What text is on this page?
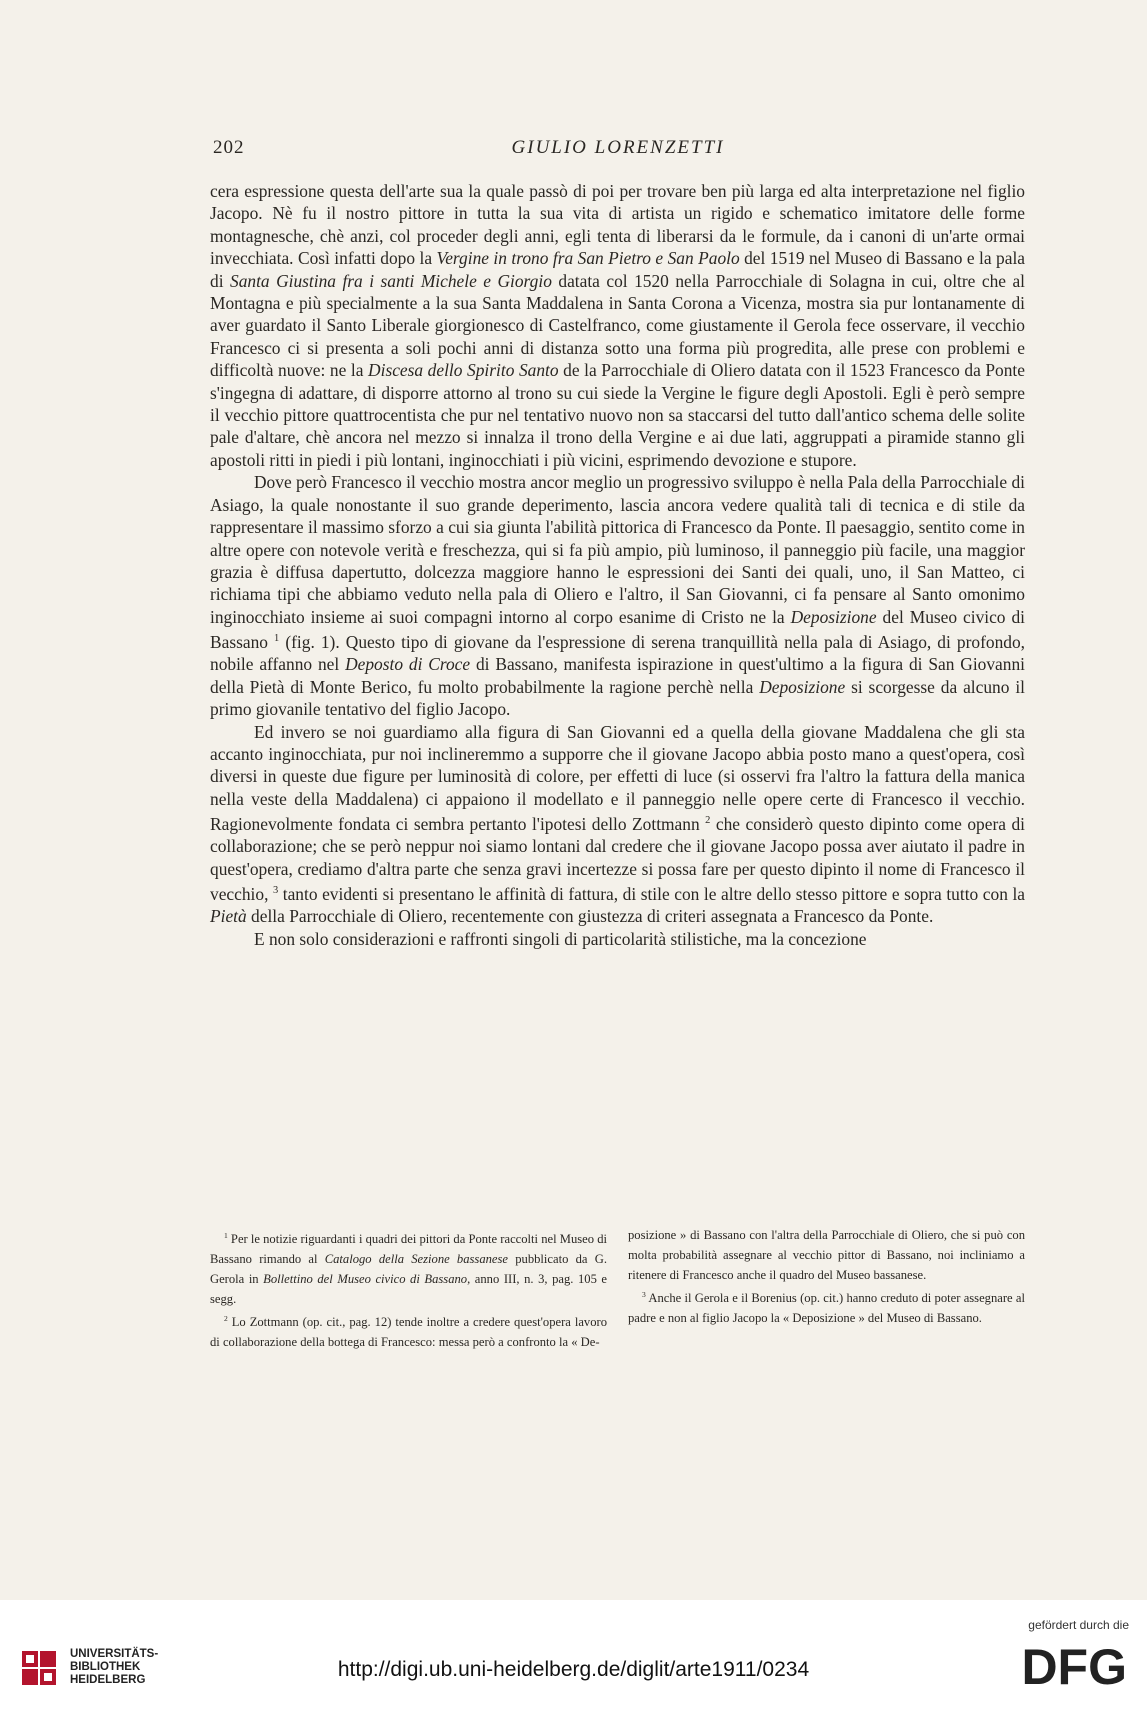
202	GIULIO LORENZETTI

cera espressione questa dell'arte sua la quale passò di poi per trovare ben più larga ed alta interpretazione nel figlio Jacopo. Nè fu il nostro pittore in tutta la sua vita di artista un rigido e schematico imitatore delle forme montagnesche, chè anzi, col proceder degli anni, egli tenta di liberarsi da le formule, da i canoni di un'arte ormai invecchiata. Così infatti dopo la Vergine in trono fra San Pietro e San Paolo del 1519 nel Museo di Bassano e la pala di Santa Giustina fra i santi Michele e Giorgio datata col 1520 nella Parrocchiale di Solagna in cui, oltre che al Montagna e più specialmente a la sua Santa Maddalena in Santa Corona a Vicenza, mostra sia pur lontanamente di aver guardato il Santo Liberale giorgionesco di Castelfranco, come giustamente il Gerola fece osservare, il vecchio Francesco ci si presenta a soli pochi anni di distanza sotto una forma più progredita, alle prese con problemi e difficoltà nuove: ne la Discesa dello Spirito Santo de la Parrocchiale di Oliero datata con il 1523 Francesco da Ponte s'ingegna di adattare, di disporre attorno al trono su cui siede la Vergine le figure degli Apostoli. Egli è però sempre il vecchio pittore quattrocentista che pur nel tentativo nuovo non sa staccarsi del tutto dall'antico schema delle solite pale d'altare, chè ancora nel mezzo si innalza il trono della Vergine e ai due lati, aggruppati a piramide stanno gli apostoli ritti in piedi i più lontani, inginocchiati i più vicini, esprimendo devozione e stupore.

Dove però Francesco il vecchio mostra ancor meglio un progressivo sviluppo è nella Pala della Parrocchiale di Asiago, la quale nonostante il suo grande deperimento, lascia ancora vedere qualità tali di tecnica e di stile da rappresentare il massimo sforzo a cui sia giunta l'abilità pittorica di Francesco da Ponte. Il paesaggio, sentito come in altre opere con notevole verità e freschezza, qui si fa più ampio, più luminoso, il panneggio più facile, una maggior grazia è diffusa dapertutto, dolcezza maggiore hanno le espressioni dei Santi dei quali, uno, il San Matteo, ci richiama tipi che abbiamo veduto nella pala di Oliero e l'altro, il San Giovanni, ci fa pensare al Santo omonimo inginocchiato insieme ai suoi compagni intorno al corpo esanime di Cristo ne la Deposizione del Museo civico di Bassano $^1$ (fig. 1). Questo tipo di giovane da l'espressione di serena tranquillità nella pala di Asiago, di profondo, nobile affanno nel Deposto di Croce di Bassano, manifesta ispirazione in quest'ultimo a la figura di San Giovanni della Pietà di Monte Berico, fu molto probabilmente la ragione perchè nella Deposizione si scorgesse da alcuno il primo giovanile tentativo del figlio Jacopo.

Ed invero se noi guardiamo alla figura di San Giovanni ed a quella della giovane Maddalena che gli sta accanto inginocchiata, pur noi inclineremmo a supporre che il giovane Jacopo abbia posto mano a quest'opera, così diversi in queste due figure per luminosità di colore, per effetti di luce (si osservi fra l'altro la fattura della manica nella veste della Maddalena) ci appaiono il modellato e il panneggio nelle opere certe di Francesco il vecchio. Ragionevolmente fondata ci sembra pertanto l'ipotesi dello Zottmann $^2$ che considerò questo dipinto come opera di collaborazione; che se però neppur noi siamo lontani dal credere che il giovane Jacopo possa aver aiutato il padre in quest'opera, crediamo d'altra parte che senza gravi incertezze si possa fare per questo dipinto il nome di Francesco il vecchio, $^3$ tanto evidenti si presentano le affinità di fattura, di stile con le altre dello stesso pittore e sopra tutto con la Pietà della Parrocchiale di Oliero, recentemente con giustezza di criteri assegnata a Francesco da Ponte.

E non solo considerazioni e raffronti singoli di particolarità stilistiche, ma la concezione

$^1$ Per le notizie riguardanti i quadri dei pittori da Ponte raccolti nel Museo di Bassano rimando al Catalogo della Sezione bassanese pubblicato da G. Gerola in Bollettino del Museo civico di Bassano, anno III, n. 3, pag. 105 e segg.

$^2$ Lo Zottmann (op. cit., pag. 12) tende inoltre a credere quest'opera lavoro di collaborazione della bottega di Francesco: messa però a confronto la « De-

posizione » di Bassano con l'altra della Parrocchiale di Oliero, che si può con molta probabilità assegnare al vecchio pittor di Bassano, noi incliniamo a ritenere di Francesco anche il quadro del Museo bassanese.

$^3$ Anche il Gerola e il Borenius (op. cit.) hanno creduto di poter assegnare al padre e non al figlio Jacopo la « Deposizione » del Museo di Bassano.

UNIVERSITÄTS-
BIBLIOTHEK
HEIDELBERG	http://digi.ub.uni-heidelberg.de/diglit/arte1911/0234
gefördert durch die
DFG
